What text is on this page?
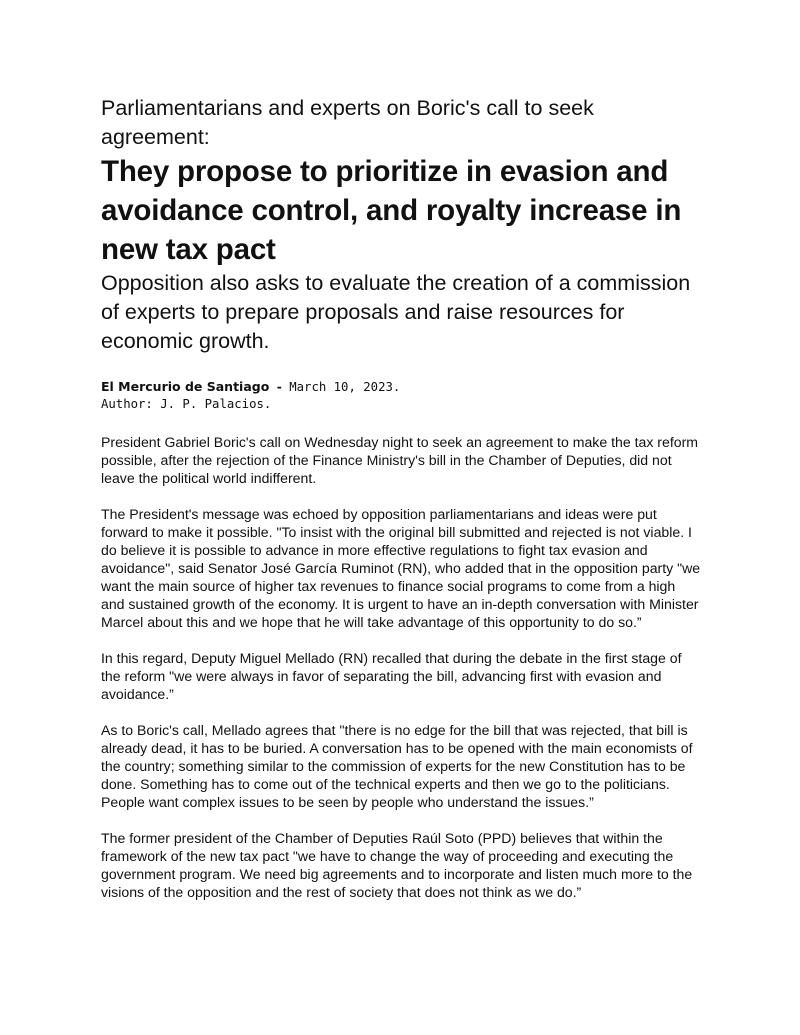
Parliamentarians and experts on Boric's call to seek agreement:
They propose to prioritize in evasion and avoidance control, and royalty increase in new tax pact
Opposition also asks to evaluate the creation of a commission of experts to prepare proposals and raise resources for economic growth.
El Mercurio de Santiago - March 10, 2023.
Author: J. P. Palacios.

President Gabriel Boric's call on Wednesday night to seek an agreement to make the tax reform possible, after the rejection of the Finance Ministry's bill in the Chamber of Deputies, did not leave the political world indifferent.

The President's message was echoed by opposition parliamentarians and ideas were put forward to make it possible. "To insist with the original bill submitted and rejected is not viable. I do believe it is possible to advance in more effective regulations to fight tax evasion and avoidance", said Senator José García Ruminot (RN), who added that in the opposition party "we want the main source of higher tax revenues to finance social programs to come from a high and sustained growth of the economy. It is urgent to have an in-depth conversation with Minister Marcel about this and we hope that he will take advantage of this opportunity to do so.”

In this regard, Deputy Miguel Mellado (RN) recalled that during the debate in the first stage of the reform "we were always in favor of separating the bill, advancing first with evasion and avoidance.”

As to Boric's call, Mellado agrees that "there is no edge for the bill that was rejected, that bill is already dead, it has to be buried. A conversation has to be opened with the main economists of the country; something similar to the commission of experts for the new Constitution has to be done. Something has to come out of the technical experts and then we go to the politicians. People want complex issues to be seen by people who understand the issues.”

The former president of the Chamber of Deputies Raúl Soto (PPD) believes that within the framework of the new tax pact "we have to change the way of proceeding and executing the government program. We need big agreements and to incorporate and listen much more to the visions of the opposition and the rest of society that does not think as we do.”
